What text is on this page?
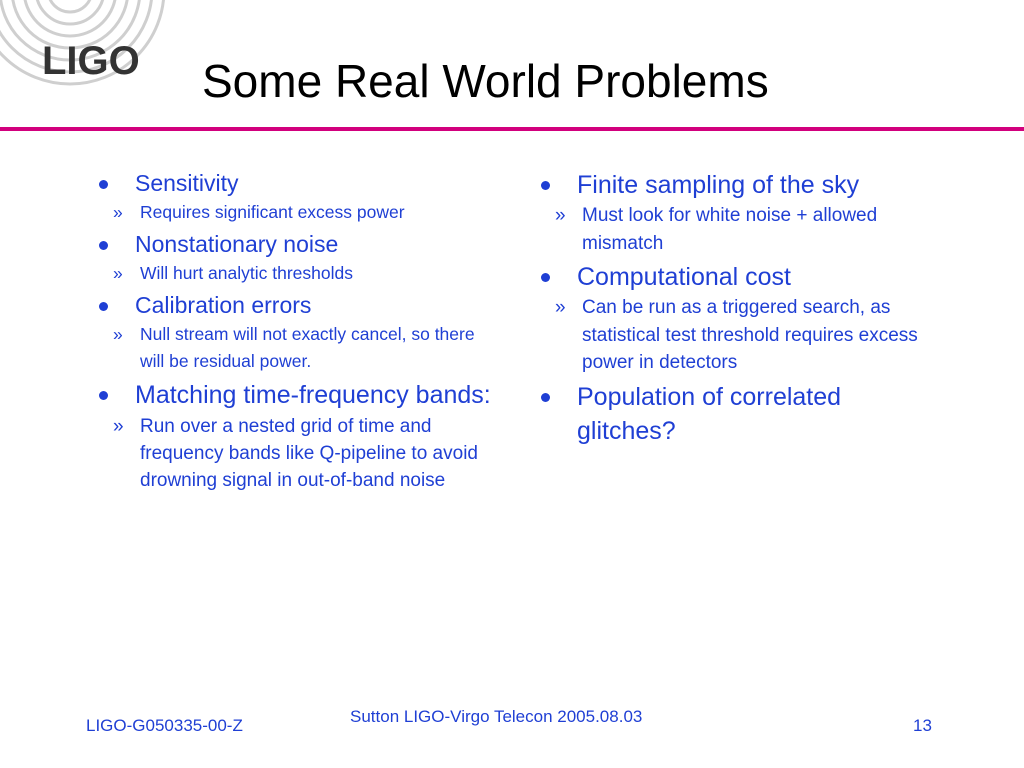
LIGO Some Real World Problems
Sensitivity
» Requires significant excess power
Nonstationary noise
» Will hurt analytic thresholds
Calibration errors
» Null stream will not exactly cancel, so there will be residual power.
Matching time-frequency bands:
» Run over a nested grid of time and frequency bands like Q-pipeline to avoid drowning signal in out-of-band noise
Finite sampling of the sky
» Must look for white noise + allowed mismatch
Computational cost
» Can be run as a triggered search, as statistical test threshold requires excess power in detectors
Population of correlated glitches?
LIGO-G050335-00-Z	Sutton LIGO-Virgo Telecon 2005.08.03	13
